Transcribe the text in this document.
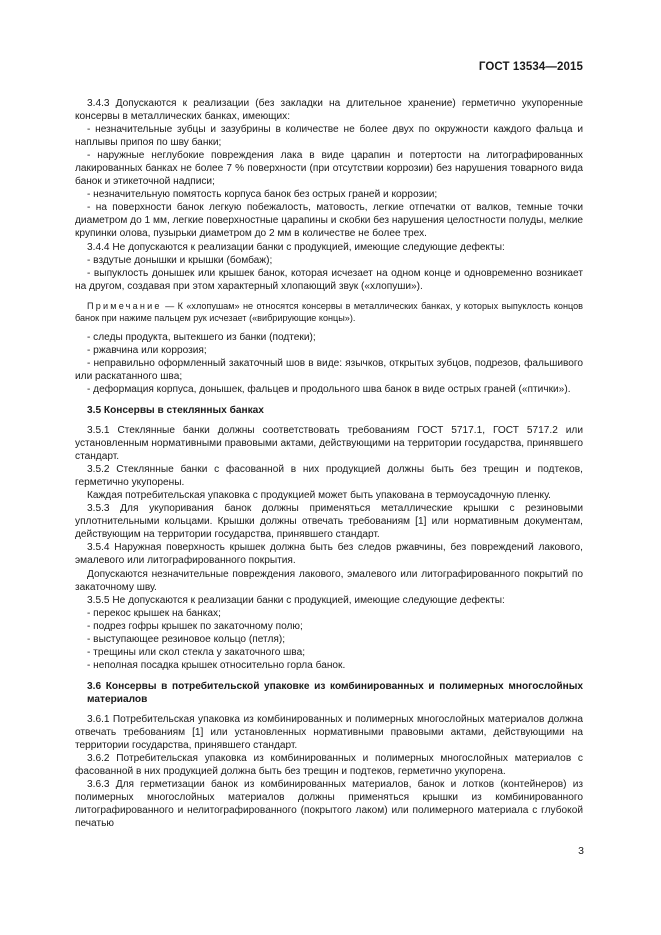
ГОСТ 13534—2015

3.4.3 Допускаются к реализации (без закладки на длительное хранение) герметично укупоренные консервы в металлических банках, имеющих:

- незначительные зубцы и зазубрины в количестве не более двух по окружности каждого фальца и наплывы припоя по шву банки;

- наружные неглубокие повреждения лака в виде царапин и потертости на литографированных лакированных банках не более 7 % поверхности (при отсутствии коррозии) без нарушения товарного вида банок и этикеточной надписи;

- незначительную помятость корпуса банок без острых граней и коррозии;

- на поверхности банок легкую побежалость, матовость, легкие отпечатки от валков, темные точки диаметром до 1 мм, легкие поверхностные царапины и скобки без нарушения целостности полуды, мелкие крупинки олова, пузырьки диаметром до 2 мм в количестве не более трех.

3.4.4 Не допускаются к реализации банки с продукцией, имеющие следующие дефекты:

- вздутые донышки и крышки (бомбаж);

- выпуклость донышек или крышек банок, которая исчезает на одном конце и одновременно возникает на другом, создавая при этом характерный хлопающий звук («хлопуши»).

Примечание — К «хлопушам» не относятся консервы в металлических банках, у которых выпуклость концов банок при нажиме пальцем рук исчезает («вибрирующие концы»).

- следы продукта, вытекшего из банки (подтеки);

- ржавчина или коррозия;

- неправильно оформленный закаточный шов в виде: язычков, открытых зубцов, подрезов, фальшивого или раскатанного шва;

- деформация корпуса, донышек, фальцев и продольного шва банок в виде острых граней («птички»).

3.5 Консервы в стеклянных банках

3.5.1 Стеклянные банки должны соответствовать требованиям ГОСТ 5717.1, ГОСТ 5717.2 или установленным нормативными правовыми актами, действующими на территории государства, принявшего стандарт.

3.5.2 Стеклянные банки с фасованной в них продукцией должны быть без трещин и подтеков, герметично укупорены.

Каждая потребительская упаковка с продукцией может быть упакована в термоусадочную пленку.

3.5.3 Для укупоривания банок должны применяться металлические крышки с резиновыми уплотнительными кольцами. Крышки должны отвечать требованиям [1] или нормативным документам, действующим на территории государства, принявшего стандарт.

3.5.4 Наружная поверхность крышек должна быть без следов ржавчины, без повреждений лакового, эмалевого или литографированного покрытия.

Допускаются незначительные повреждения лакового, эмалевого или литографированного покрытий по закаточному шву.

3.5.5 Не допускаются к реализации банки с продукцией, имеющие следующие дефекты:

- перекос крышек на банках;

- подрез гофры крышек по закаточному полю;

- выступающее резиновое кольцо (петля);

- трещины или скол стекла у закаточного шва;

- неполная посадка крышек относительно горла банок.

3.6 Консервы в потребительской упаковке из комбинированных и полимерных многослойных материалов

3.6.1 Потребительская упаковка из комбинированных и полимерных многослойных материалов должна отвечать требованиям [1] или установленных нормативными правовыми актами, действующими на территории государства, принявшего стандарт.

3.6.2 Потребительская упаковка из комбинированных и полимерных многослойных материалов с фасованной в них продукцией должна быть без трещин и подтеков, герметично укупорена.

3.6.3 Для герметизации банок из комбинированных материалов, банок и лотков (контейнеров) из полимерных многослойных материалов должны применяться крышки из комбинированного литографированного и нелитографированного (покрытого лаком) или полимерного материала с глубокой печатью

3
